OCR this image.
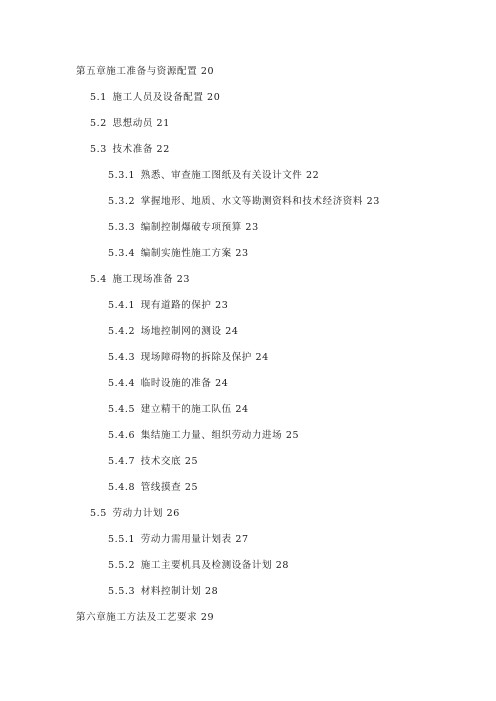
第五章施工准备与资源配置 20
5.1 施工人员及设备配置 20
5.2 思想动员 21
5.3 技术准备 22
5.3.1 熟悉、审查施工图纸及有关设计文件 22
5.3.2 掌握地形、地质、水文等勘测资料和技术经济资料 23
5.3.3 编制控制爆破专项预算 23
5.3.4 编制实施性施工方案 23
5.4 施工现场准备 23
5.4.1 现有道路的保护 23
5.4.2 场地控制网的测设 24
5.4.3 现场障碍物的拆除及保护 24
5.4.4 临时设施的准备 24
5.4.5 建立精干的施工队伍 24
5.4.6 集结施工力量、组织劳动力进场 25
5.4.7 技术交底 25
5.4.8 管线摸查 25
5.5 劳动力计划 26
5.5.1 劳动力需用量计划表 27
5.5.2 施工主要机具及检测设备计划 28
5.5.3 材料控制计划 28
第六章施工方法及工艺要求 29
